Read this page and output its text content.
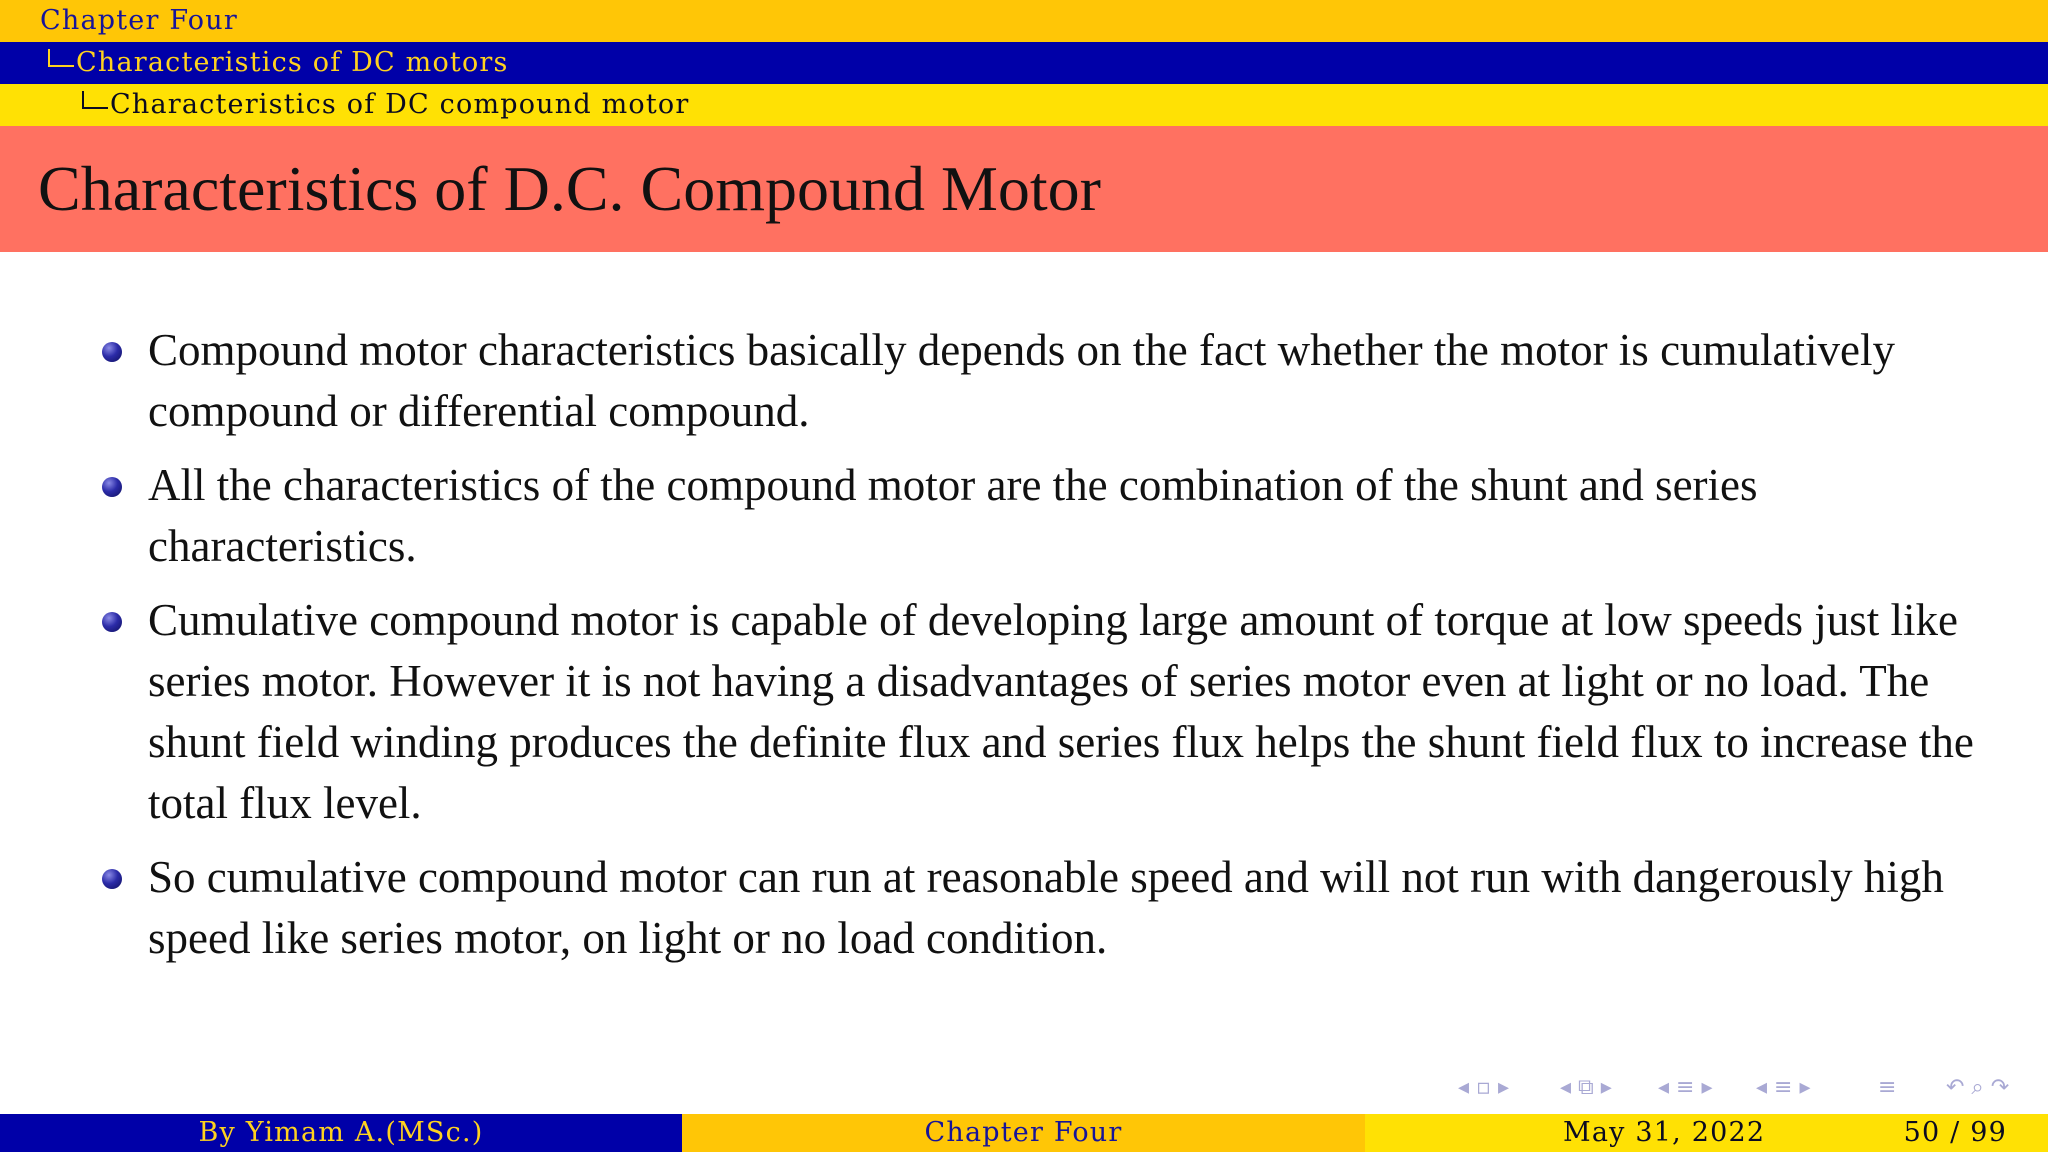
Chapter Four
Characteristics of DC motors
Characteristics of DC compound motor
Characteristics of D.C. Compound Motor
Compound motor characteristics basically depends on the fact whether the motor is cumulatively compound or differential compound.
All the characteristics of the compound motor are the combination of the shunt and series characteristics.
Cumulative compound motor is capable of developing large amount of torque at low speeds just like series motor. However it is not having a disadvantages of series motor even at light or no load. The shunt field winding produces the definite flux and series flux helps the shunt field flux to increase the total flux level.
So cumulative compound motor can run at reasonable speed and will not run with dangerously high speed like series motor, on light or no load condition.
◂ ▫ ▸ ◂ ⧉ ▸ ◂ ≡ ▸ ◂ ≡ ▸	≡ ↶ ⌕ ↷
By Yimam A.(MSc.)	Chapter Four	May 31, 2022	50 / 99
